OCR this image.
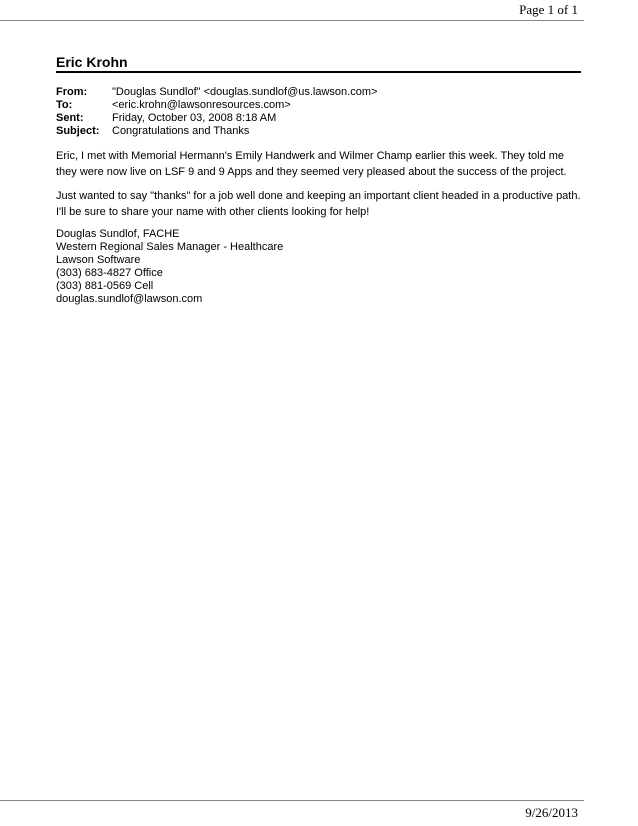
Page 1 of 1
Eric Krohn
From:	"Douglas Sundlof" <douglas.sundlof@us.lawson.com>
To:	<eric.krohn@lawsonresources.com>
Sent:	Friday, October 03, 2008 8:18 AM
Subject:	Congratulations and Thanks

Eric, I met with Memorial Hermann's Emily Handwerk and Wilmer Champ earlier this week. They told me they were now live on LSF 9 and 9 Apps and they seemed very pleased about the success of the project.

Just wanted to say "thanks" for a job well done and keeping an important client headed in a productive path. I'll be sure to share your name with other clients looking for help!

Douglas Sundlof, FACHE
Western Regional Sales Manager - Healthcare
Lawson Software
(303) 683-4827 Office
(303) 881-0569 Cell
douglas.sundlof@lawson.com
9/26/2013
